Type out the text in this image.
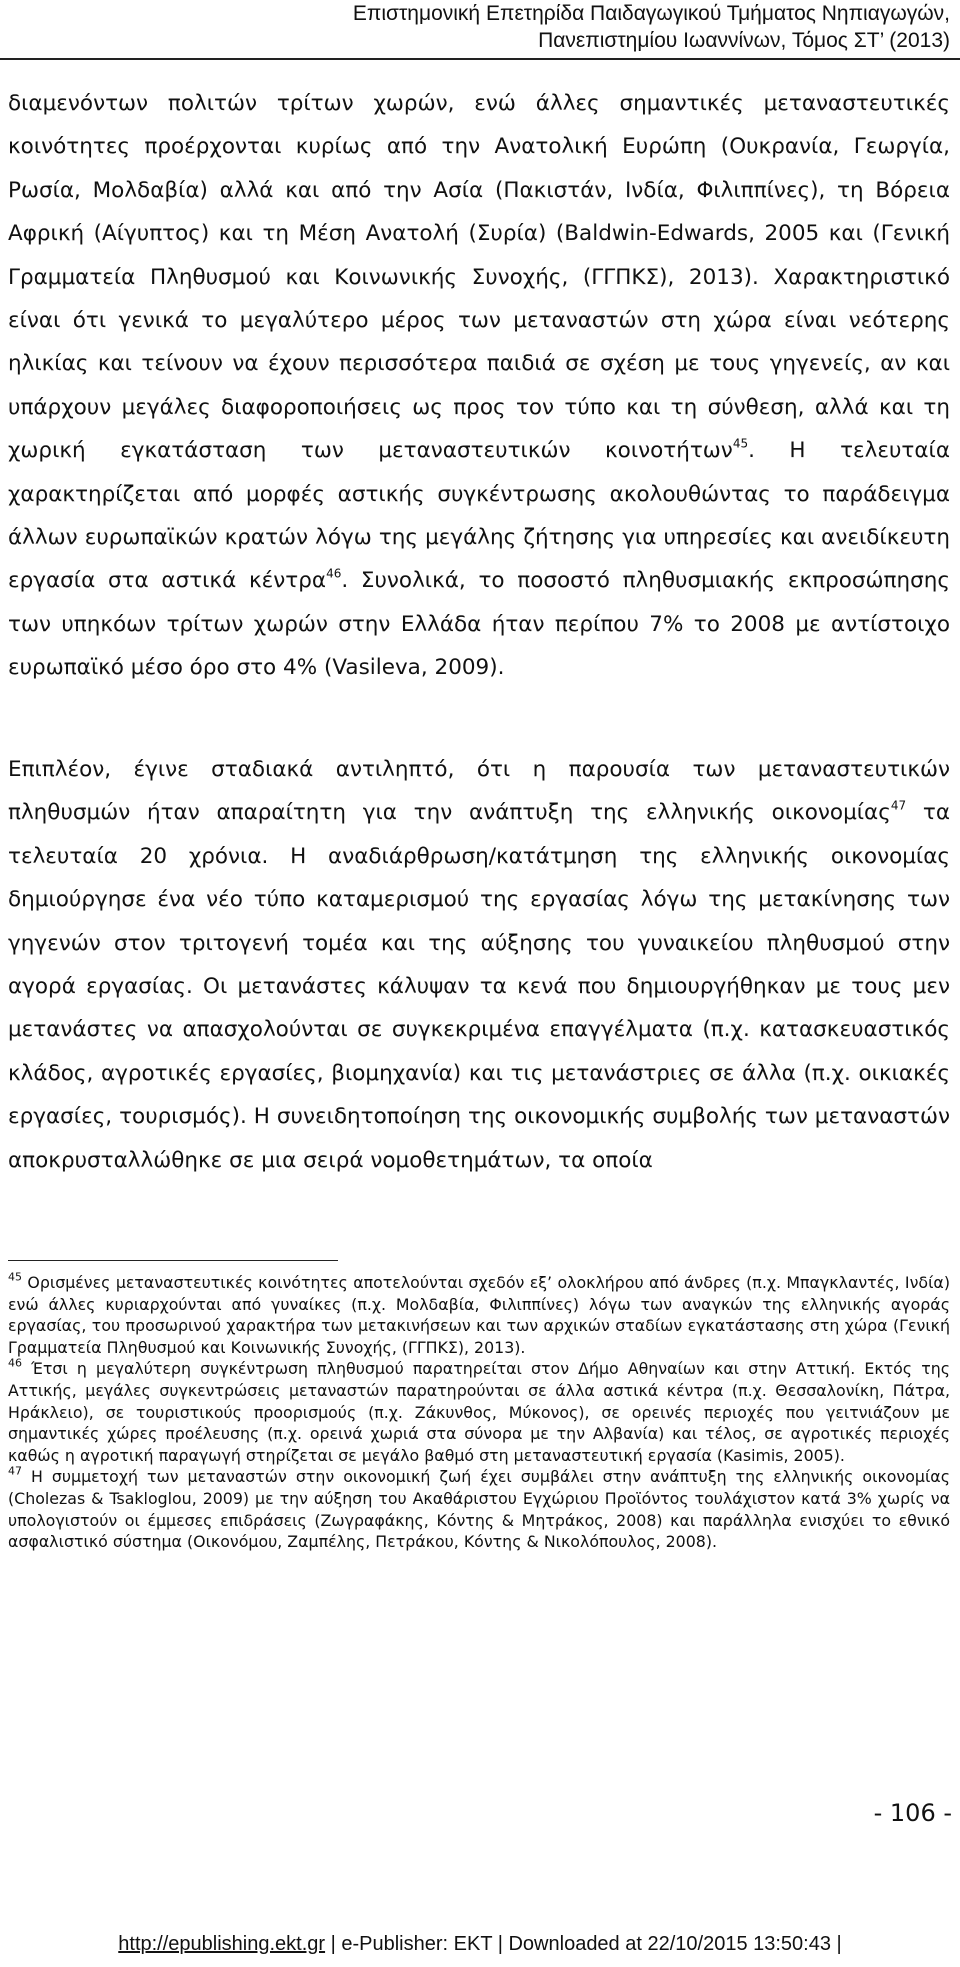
Επιστημονική Επετηρίδα Παιδαγωγικού Τμήματος Νηπιαγωγών,
Πανεπιστημίου Ιωαννίνων, Τόμος ΣΤ’ (2013)

διαμενόντων πολιτών τρίτων χωρών, ενώ άλλες σημαντικές μεταναστευτικές κοινότητες προέρχονται κυρίως από την Ανατολική Ευρώπη (Ουκρανία, Γεωργία, Ρωσία, Μολδαβία) αλλά και από την Ασία (Πακιστάν, Ινδία, Φιλιππίνες), τη Βόρεια Αφρική (Αίγυπτος) και τη Μέση Ανατολή (Συρία) (Baldwin-Edwards, 2005 και (Γενική Γραμματεία Πληθυσμού και Κοινωνικής Συνοχής, (ΓΓΠΚΣ), 2013). Χαρακτηριστικό είναι ότι γενικά το μεγαλύτερο μέρος των μεταναστών στη χώρα είναι νεότερης ηλικίας και τείνουν να έχουν περισσότερα παιδιά σε σχέση με τους γηγενείς, αν και υπάρχουν μεγάλες διαφοροποιήσεις ως προς τον τύπο και τη σύνθεση, αλλά και τη χωρική εγκατάσταση των μεταναστευτικών κοινοτήτων$^{45}$. Η τελευταία χαρακτηρίζεται από μορφές αστικής συγκέντρωσης ακολουθώντας το παράδειγμα άλλων ευρωπαϊκών κρατών λόγω της μεγάλης ζήτησης για υπηρεσίες και ανειδίκευτη εργασία στα αστικά κέντρα$^{46}$. Συνολικά, το ποσοστό πληθυσμιακής εκπροσώπησης των υπηκόων τρίτων χωρών στην Ελλάδα ήταν περίπου 7% το 2008 με αντίστοιχο ευρωπαϊκό μέσο όρο στο 4% (Vasileva, 2009).

Επιπλέον, έγινε σταδιακά αντιληπτό, ότι η παρουσία των μεταναστευτικών πληθυσμών ήταν απαραίτητη για την ανάπτυξη της ελληνικής οικονομίας$^{47}$ τα τελευταία 20 χρόνια. Η αναδιάρθρωση/κατάτμηση της ελληνικής οικονομίας δημιούργησε ένα νέο τύπο καταμερισμού της εργασίας λόγω της μετακίνησης των γηγενών στον τριτογενή τομέα και της αύξησης του γυναικείου πληθυσμού στην αγορά εργασίας. Οι μετανάστες κάλυψαν τα κενά που δημιουργήθηκαν με τους μεν μετανάστες να απασχολούνται σε συγκεκριμένα επαγγέλματα (π.χ. κατασκευαστικός κλάδος, αγροτικές εργασίες, βιομηχανία) και τις μετανάστριες σε άλλα (π.χ. οικιακές εργασίες, τουρισμός). Η συνειδητοποίηση της οικονομικής συμβολής των μεταναστών αποκρυσταλλώθηκε σε μια σειρά νομοθετημάτων, τα οποία

$^{45}$ Ορισμένες μεταναστευτικές κοινότητες αποτελούνται σχεδόν εξ’ ολοκλήρου από άνδρες (π.χ. Μπαγκλαντές, Ινδία) ενώ άλλες κυριαρχούνται από γυναίκες (π.χ. Μολδαβία, Φιλιππίνες) λόγω των αναγκών της ελληνικής αγοράς εργασίας, του προσωρινού χαρακτήρα των μετακινήσεων και των αρχικών σταδίων εγκατάστασης στη χώρα (Γενική Γραμματεία Πληθυσμού και Κοινωνικής Συνοχής, (ΓΓΠΚΣ), 2013).

$^{46}$ Έτσι η μεγαλύτερη συγκέντρωση πληθυσμού παρατηρείται στον Δήμο Αθηναίων και στην Αττική. Εκτός της Αττικής, μεγάλες συγκεντρώσεις μεταναστών παρατηρούνται σε άλλα αστικά κέντρα (π.χ. Θεσσαλονίκη, Πάτρα, Ηράκλειο), σε τουριστικούς προορισμούς (π.χ. Ζάκυνθος, Μύκονος), σε ορεινές περιοχές που γειτνιάζουν με σημαντικές χώρες προέλευσης (π.χ. ορεινά χωριά στα σύνορα με την Αλβανία) και τέλος, σε αγροτικές περιοχές καθώς η αγροτική παραγωγή στηρίζεται σε μεγάλο βαθμό στη μεταναστευτική εργασία (Kasimis, 2005).

$^{47}$ Η συμμετοχή των μεταναστών στην οικονομική ζωή έχει συμβάλει στην ανάπτυξη της ελληνικής οικονομίας (Cholezas & Tsakloglou, 2009) με την αύξηση του Ακαθάριστου Εγχώριου Προϊόντος τουλάχιστον κατά 3% χωρίς να υπολογιστούν οι έμμεσες επιδράσεις (Ζωγραφάκης, Κόντης & Μητράκος, 2008) και παράλληλα ενισχύει το εθνικό ασφαλιστικό σύστημα (Οικονόμου, Ζαμπέλης, Πετράκου, Κόντης & Νικολόπουλος, 2008).

- 106 -
http://epublishing.ekt.gr | e-Publisher: EKT | Downloaded at 22/10/2015 13:50:43 |
